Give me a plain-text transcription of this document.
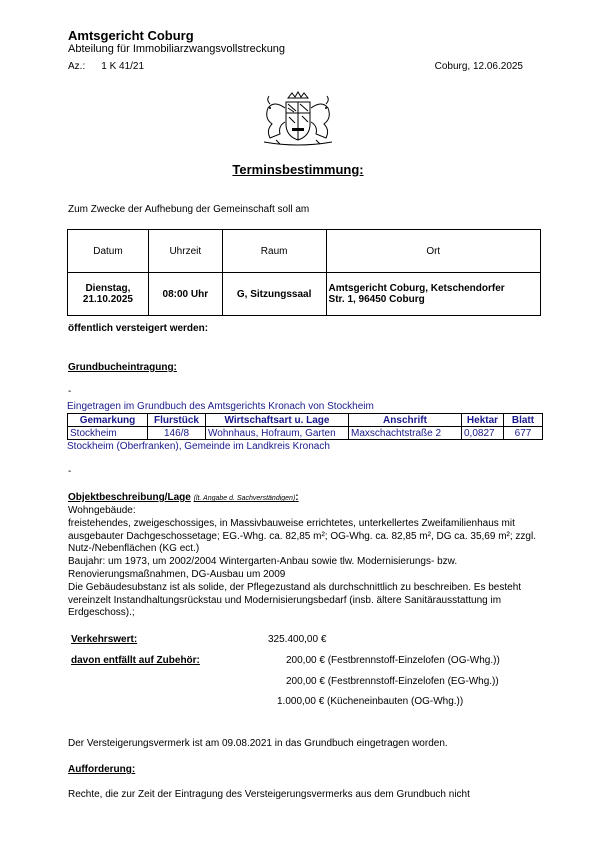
Amtsgericht Coburg
Abteilung für Immobiliarzwangsvollstreckung
Az.: 1 K 41/21	Coburg, 12.06.2025
Terminsbestimmung:
Zum Zwecke der Aufhebung der Gemeinschaft soll am
Datum	Uhrzeit	Raum	Ort
Dienstag,
21.10.2025	08:00 Uhr	G, Sitzungssaal	Amtsgericht Coburg, Ketschendorfer
Str. 1, 96450 Coburg
öffentlich versteigert werden:
Grundbucheintragung:
-
Eingetragen im Grundbuch des Amtsgerichts Kronach von Stockheim
Gemarkung	Flurstück	Wirtschaftsart u. Lage	Anschrift	Hektar	Blatt
Stockheim	146/8	Wohnhaus, Hofraum, Garten	Maxschachtstraße 2	0,0827	677
Stockheim (Oberfranken), Gemeinde im Landkreis Kronach
-
Objektbeschreibung/Lage (lt. Angabe d. Sachverständigen):
Wohngebäude:
freistehendes, zweigeschossiges, in Massivbauweise errichtetes, unterkellertes Zweifamilienhaus mit ausgebauter Dachgeschossetage; EG.-Whg. ca. 82,85 m²; OG-Whg. ca. 82,85 m², DG ca. 35,69 m²; zzgl. Nutz-/Nebenflächen (KG ect.)
Baujahr: um 1973, um 2002/2004 Wintergarten-Anbau sowie tlw. Modernisierungs- bzw. Renovierungsmaßnahmen, DG-Ausbau um 2009
Die Gebäudesubstanz ist als solide, der Pflegezustand als durchschnittlich zu beschreiben. Es besteht vereinzelt Instandhaltungsrückstau und Modernisierungsbedarf (insb. ältere Sanitärausstattung im Erdgeschoss).;
Verkehrswert:	325.400,00 €
davon entfällt auf Zubehör:	200,00 € (Festbrennstoff-Einzelofen (OG-Whg.))
200,00 € (Festbrennstoff-Einzelofen (EG-Whg.))
1.000,00 € (Kücheneinbauten (OG-Whg.))
Der Versteigerungsvermerk ist am 09.08.2021 in das Grundbuch eingetragen worden.
Aufforderung:
Rechte, die zur Zeit der Eintragung des Versteigerungsvermerks aus dem Grundbuch nicht
